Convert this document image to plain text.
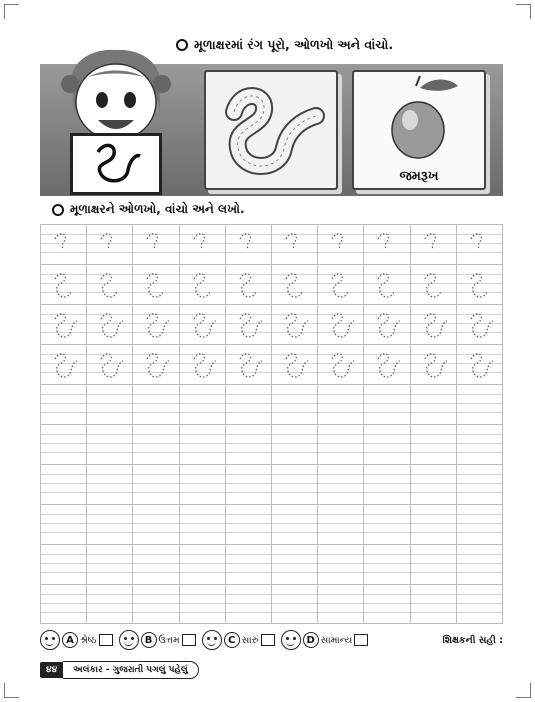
મૂળાક્ષરમાં રંગ પૂરો, ઓળખો અને વાંચો.
જમરૂખ
મૂળાક્ષરને ઓળખો, વાંચો અને લખો.
A શ્રેષ્ઠ	B ઉત્તમ	C સારું	D સામાન્ય	શિક્ષકની સહી :
૪૪	અલંકાર - ગુજરાતી પગલું પહેલું
